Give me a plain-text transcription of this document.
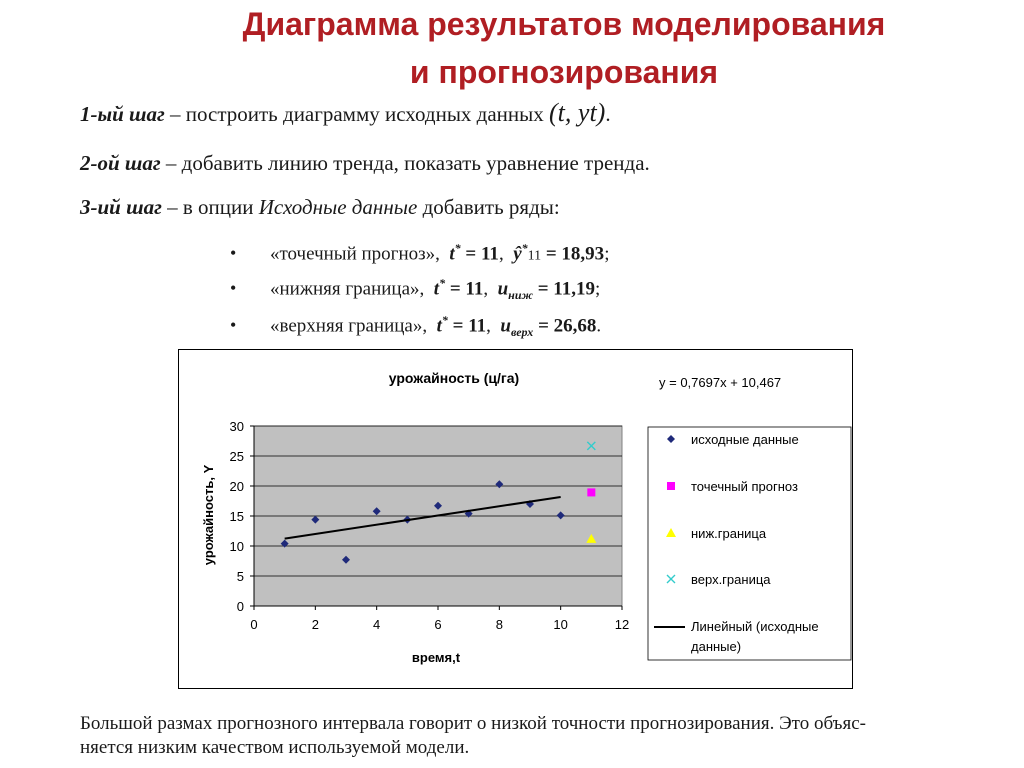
Диаграмма результатов моделирования
и прогнозирования
1-ый шаг – построить диаграмму исходных данных (t, yt).
2-ой шаг – добавить линию тренда, показать уравнение тренда.
3-ий шаг – в опции Исходные данные добавить ряды:
• «точечный прогноз», t* = 11, ŷ*11 = 18,93;
• «нижняя граница», t* = 11, $u_{ниж} = 11,19$;
• «верхняя граница», t* = 11, $u_{верх} = 26,68$.
урожайность (ц/га)	y = 0,7697x + 10,467
время,t
урожайность, Y
0
5
10
15
20
25
30
0	2	4	6	8	10	12
исходные данные
точечный прогноз
ниж.граница
верх.граница
Линейный (исходные
данные)
Большой размах прогнозного интервала говорит о низкой точности прогнозирования. Это объяс-
няется низким качеством используемой модели.
